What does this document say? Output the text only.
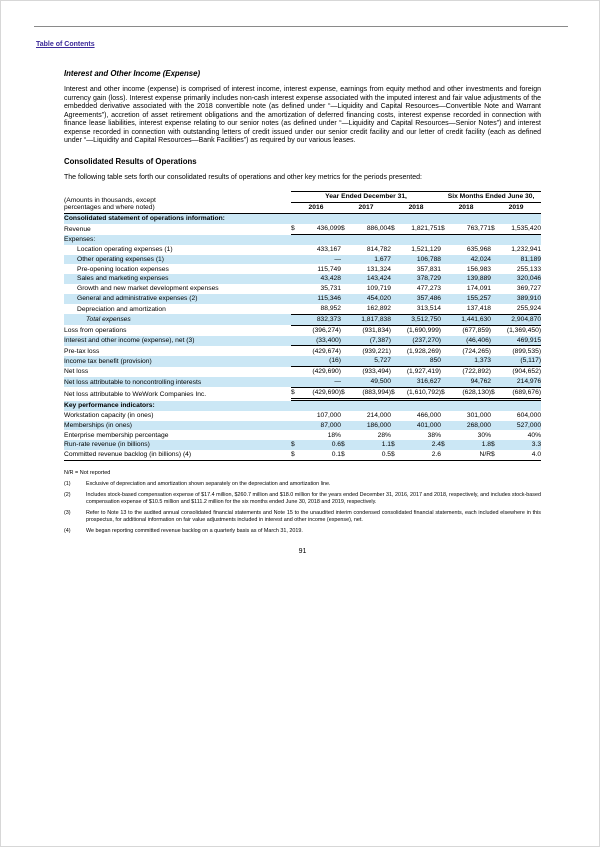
Table of Contents
Interest and Other Income (Expense)

Interest and other income (expense) is comprised of interest income, interest expense, earnings from equity method and other investments and foreign currency gain (loss). Interest expense primarily includes non-cash interest expense associated with the imputed interest and fair value adjustments of the embedded derivative associated with the 2018 convertible note (as defined under “—Liquidity and Capital Resources—Convertible Note and Warrant Agreements”), accretion of asset retirement obligations and the amortization of deferred financing costs, interest expense recorded in connection with finance lease liabilities, interest expense relating to our senior notes (as defined under “—Liquidity and Capital Resources—Senior Notes”) and interest expense recorded in connection with outstanding letters of credit issued under our senior credit facility and our letter of credit facility (each as defined under “—Liquidity and Capital Resources—Bank Facilities”) as required by our various leases.

Consolidated Results of Operations

The following table sets forth our consolidated results of operations and other key metrics for the periods presented:

(Amounts in thousands, except
percentages and where noted)	Year Ended December 31,						Six Months Ended June 30,			
	2016		2017		2018		2018		2019	
Consolidated statement of operations information:										
Revenue	$	436,099	$	886,004	$	1,821,751	$	763,771	$	1,535,420
Expenses:										
Location operating expenses (1)		433,167		814,782		1,521,129		635,968		1,232,941
Other operating expenses (1)		—		1,677		106,788		42,024		81,189
Pre-opening location expenses		115,749		131,324		357,831		156,983		255,133
Sales and marketing expenses		43,428		143,424		378,729		139,889		320,046
Growth and new market development expenses		35,731		109,719		477,273		174,091		369,727
General and administrative expenses (2)		115,346		454,020		357,486		155,257		389,910
Depreciation and amortization		88,952		162,892		313,514		137,418		255,924
Total expenses		832,373		1,817,838		3,512,750		1,441,630		2,904,870
Loss from operations		(396,274)		(931,834)		(1,690,999)		(677,859)		(1,369,450)
Interest and other income (expense), net (3)		(33,400)		(7,387)		(237,270)		(46,406)		469,915
Pre-tax loss		(429,674)		(939,221)		(1,928,269)		(724,265)		(899,535)
Income tax benefit (provision)		(16)		5,727		850		1,373		(5,117)
Net loss		(429,690)		(933,494)		(1,927,419)		(722,892)		(904,652)
Net loss attributable to noncontrolling interests		—		49,500		316,627		94,762		214,976
Net loss attributable to WeWork Companies Inc.	$	(429,690)	$	(883,994)	$	(1,610,792)	$	(628,130)	$	(689,676)
Key performance indicators:										
Workstation capacity (in ones)		107,000		214,000		466,000		301,000		604,000
Memberships (in ones)		87,000		186,000		401,000		268,000		527,000
Enterprise membership percentage		18%		28%		38%		30%		40%
Run-rate revenue (in billions)	$	0.6	$	1.1	$	2.4	$	1.8	$	3.3
Committed revenue backlog (in billions) (4)	$	0.1	$	0.5	$	2.6		N/R	$	4.0
N/R = Not reported
(1)	Exclusive of depreciation and amortization shown separately on the depreciation and amortization line.
(2)	Includes stock-based compensation expense of $17.4 million, $260.7 million and $18.0 million for the years ended December 31, 2016, 2017 and 2018, respectively, and includes stock-based compensation expense of $10.5 million and $111.2 million for the six months ended June 30, 2018 and 2019, respectively.
(3)	Refer to Note 13 to the audited annual consolidated financial statements and Note 15 to the unaudited interim condensed consolidated financial statements, each included elsewhere in this prospectus, for additional information on fair value adjustments included in interest and other income (expense), net.
(4)	We began reporting committed revenue backlog on a quarterly basis as of March 31, 2019.
91
